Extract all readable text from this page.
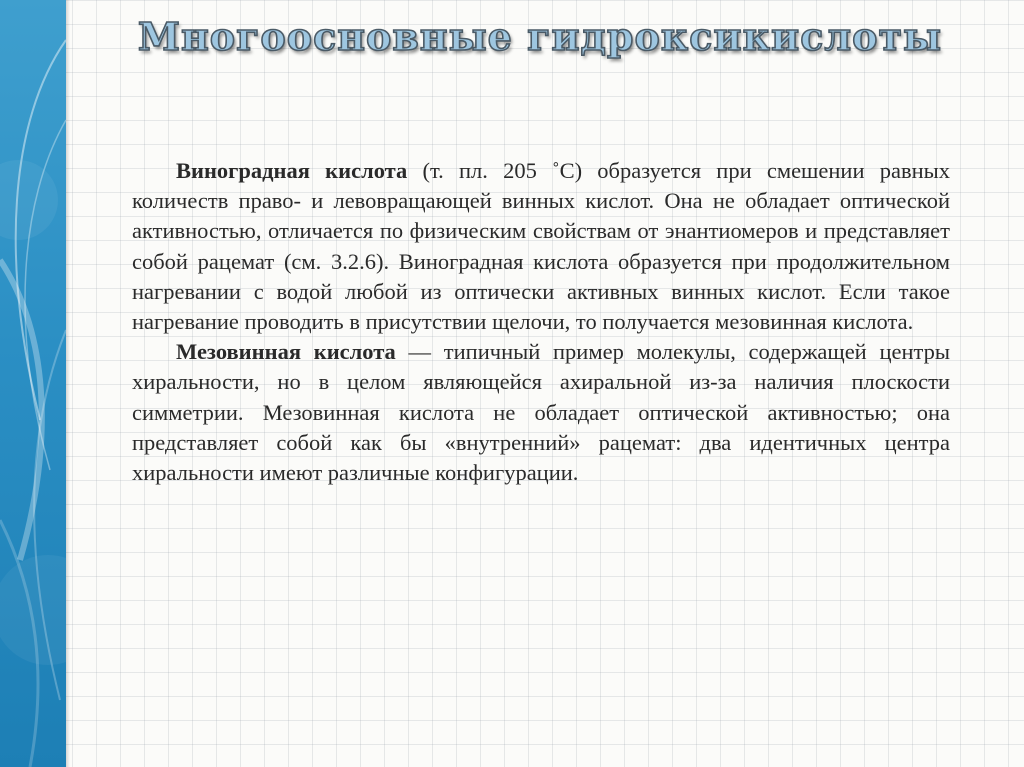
Многоосновные гидроксикислоты

Виноградная кислота (т. пл. 205 ˚С) образуется при смешении равных количеств право- и левовращающей винных кислот. Она не обладает оптической активностью, отличается по физическим свойствам от энантиомеров и представляет собой рацемат (см. 3.2.6). Виноградная кислота образуется при продолжительном нагревании с водой любой из оптически активных винных кислот. Если такое нагревание проводить в присутствии щелочи, то получается мезовинная кислота.

Мезовинная кислота — типичный пример молекулы, содержащей центры хиральности, но в целом являющейся ахиральной из-за наличия плоскости симметрии. Мезовинная кислота не обладает оптической активностью; она представляет собой как бы «внутренний» рацемат: два идентичных центра хиральности имеют различные конфигурации.
